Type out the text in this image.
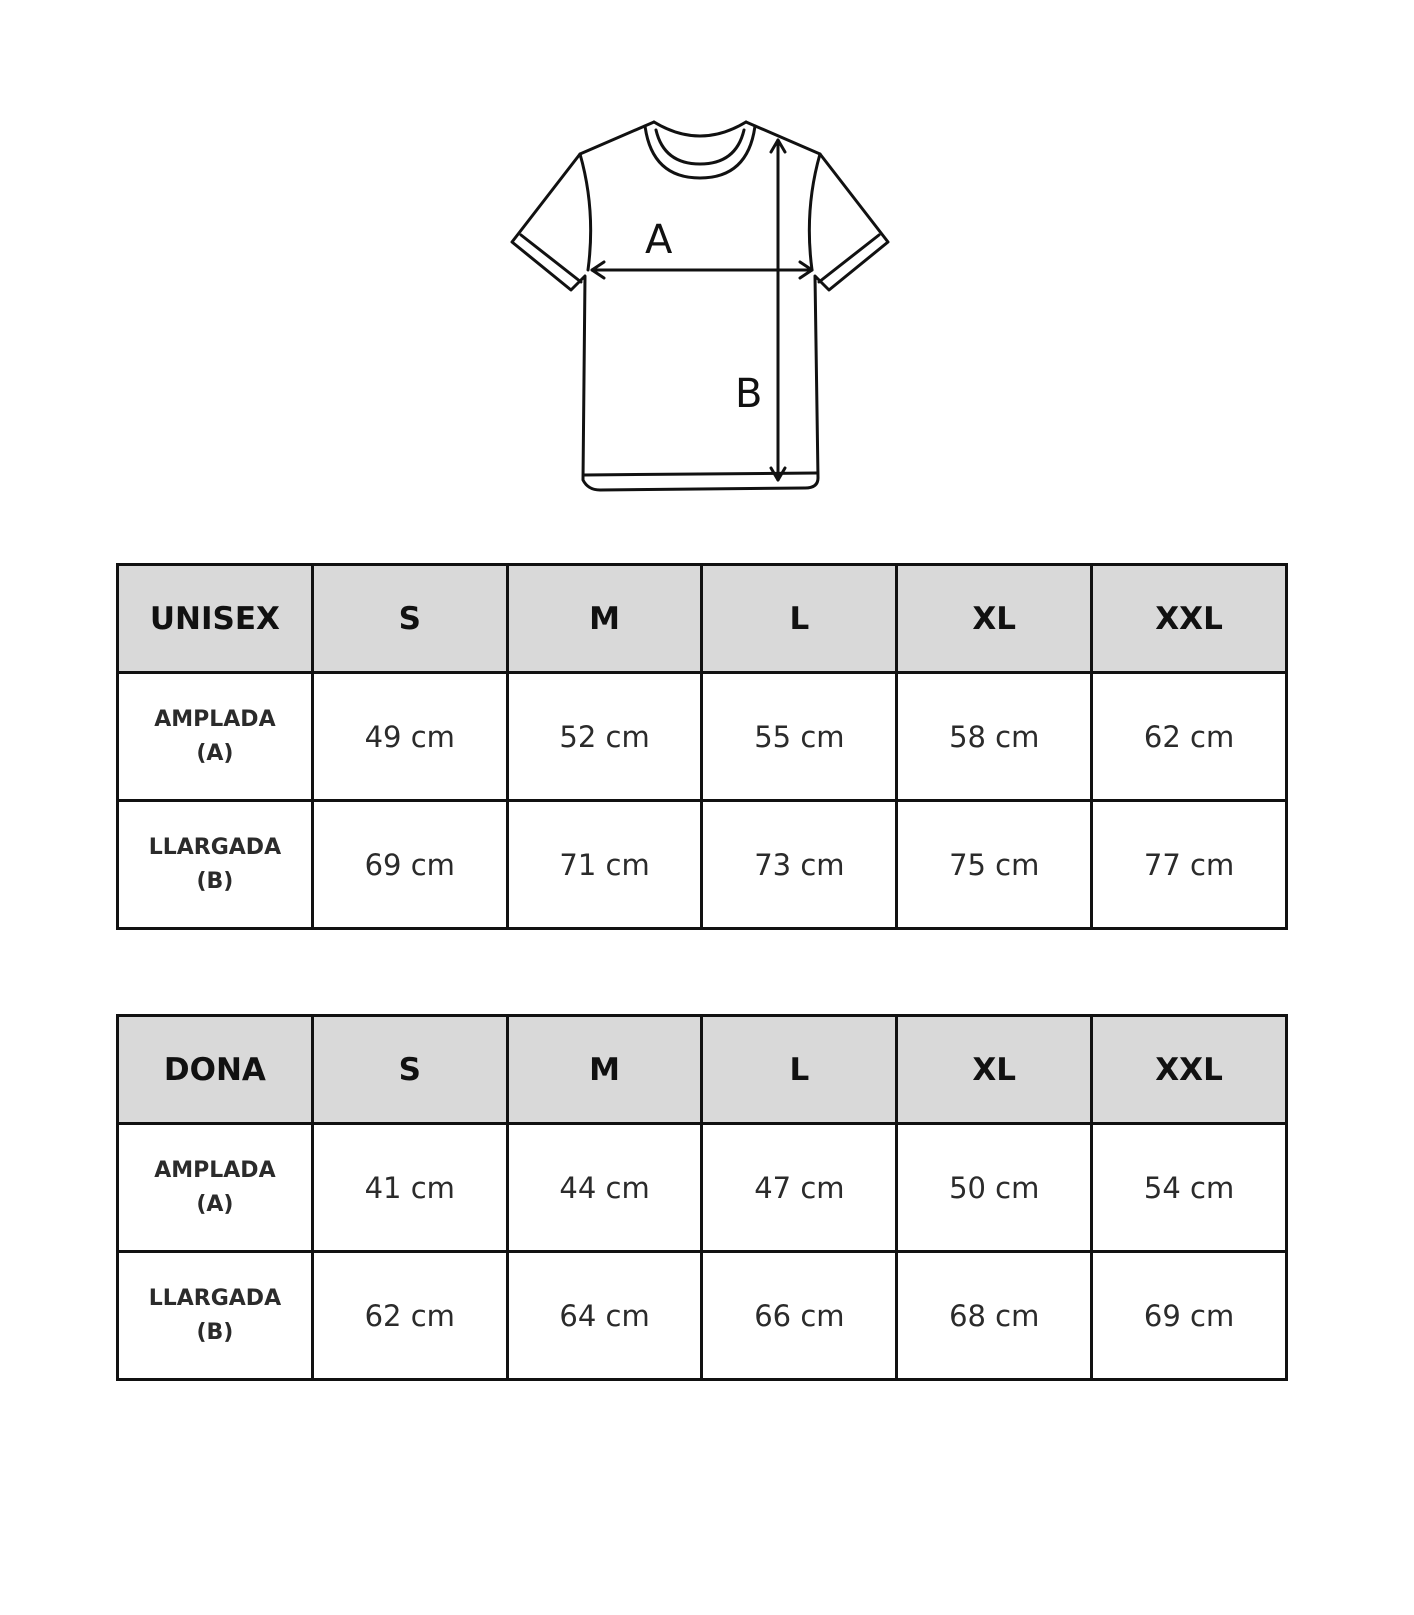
A
B
UNISEX	S	M	L	XL	XXL

AMPLADA
(A)	49 cm	52 cm	55 cm	58 cm	62 cm

LLARGADA
(B)	69 cm	71 cm	73 cm	75 cm	77 cm
DONA	S	M	L	XL	XXL

AMPLADA
(A)	41 cm	44 cm	47 cm	50 cm	54 cm

LLARGADA
(B)	62 cm	64 cm	66 cm	68 cm	69 cm
